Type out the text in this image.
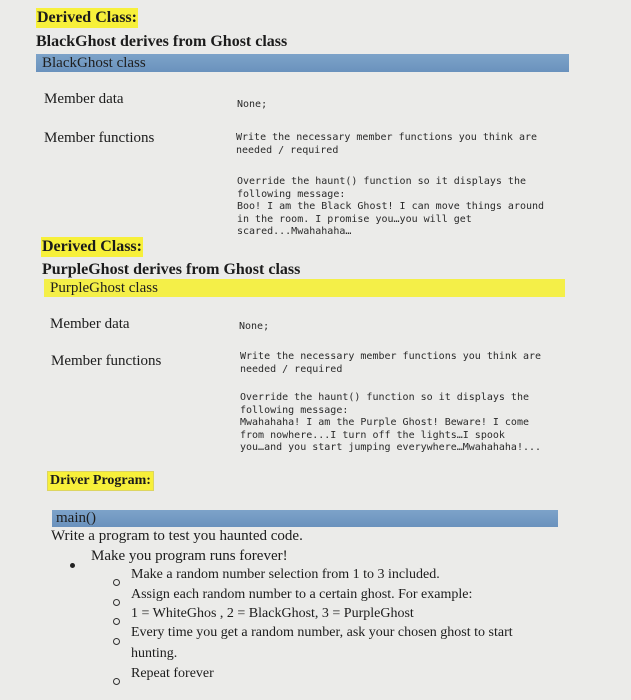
Derived Class:
BlackGhost derives from Ghost class
BlackGhost class
Member data	None;
Member functions	Write the necessary member functions you think are
needed / required
Override the haunt() function so it displays the
following message:
Boo! I am the Black Ghost! I can move things around
in the room. I promise you…you will get
scared...Mwahahaha…
Derived Class:
PurpleGhost derives from Ghost class
PurpleGhost class
Member data	None;
Member functions	Write the necessary member functions you think are
needed / required
Override the haunt() function so it displays the
following message:
Mwahahaha! I am the Purple Ghost! Beware! I come
from nowhere...I turn off the lights…I spook
you…and you start jumping everywhere…Mwahahaha!...
Driver Program:
main()
Write a program to test you haunted code.
Make you program runs forever!
Make a random number selection from 1 to 3 included.
Assign each random number to a certain ghost. For example:
1 = WhiteGhos , 2 = BlackGhost, 3 = PurpleGhost
Every time you get a random number, ask your chosen ghost to start
hunting.
Repeat forever
